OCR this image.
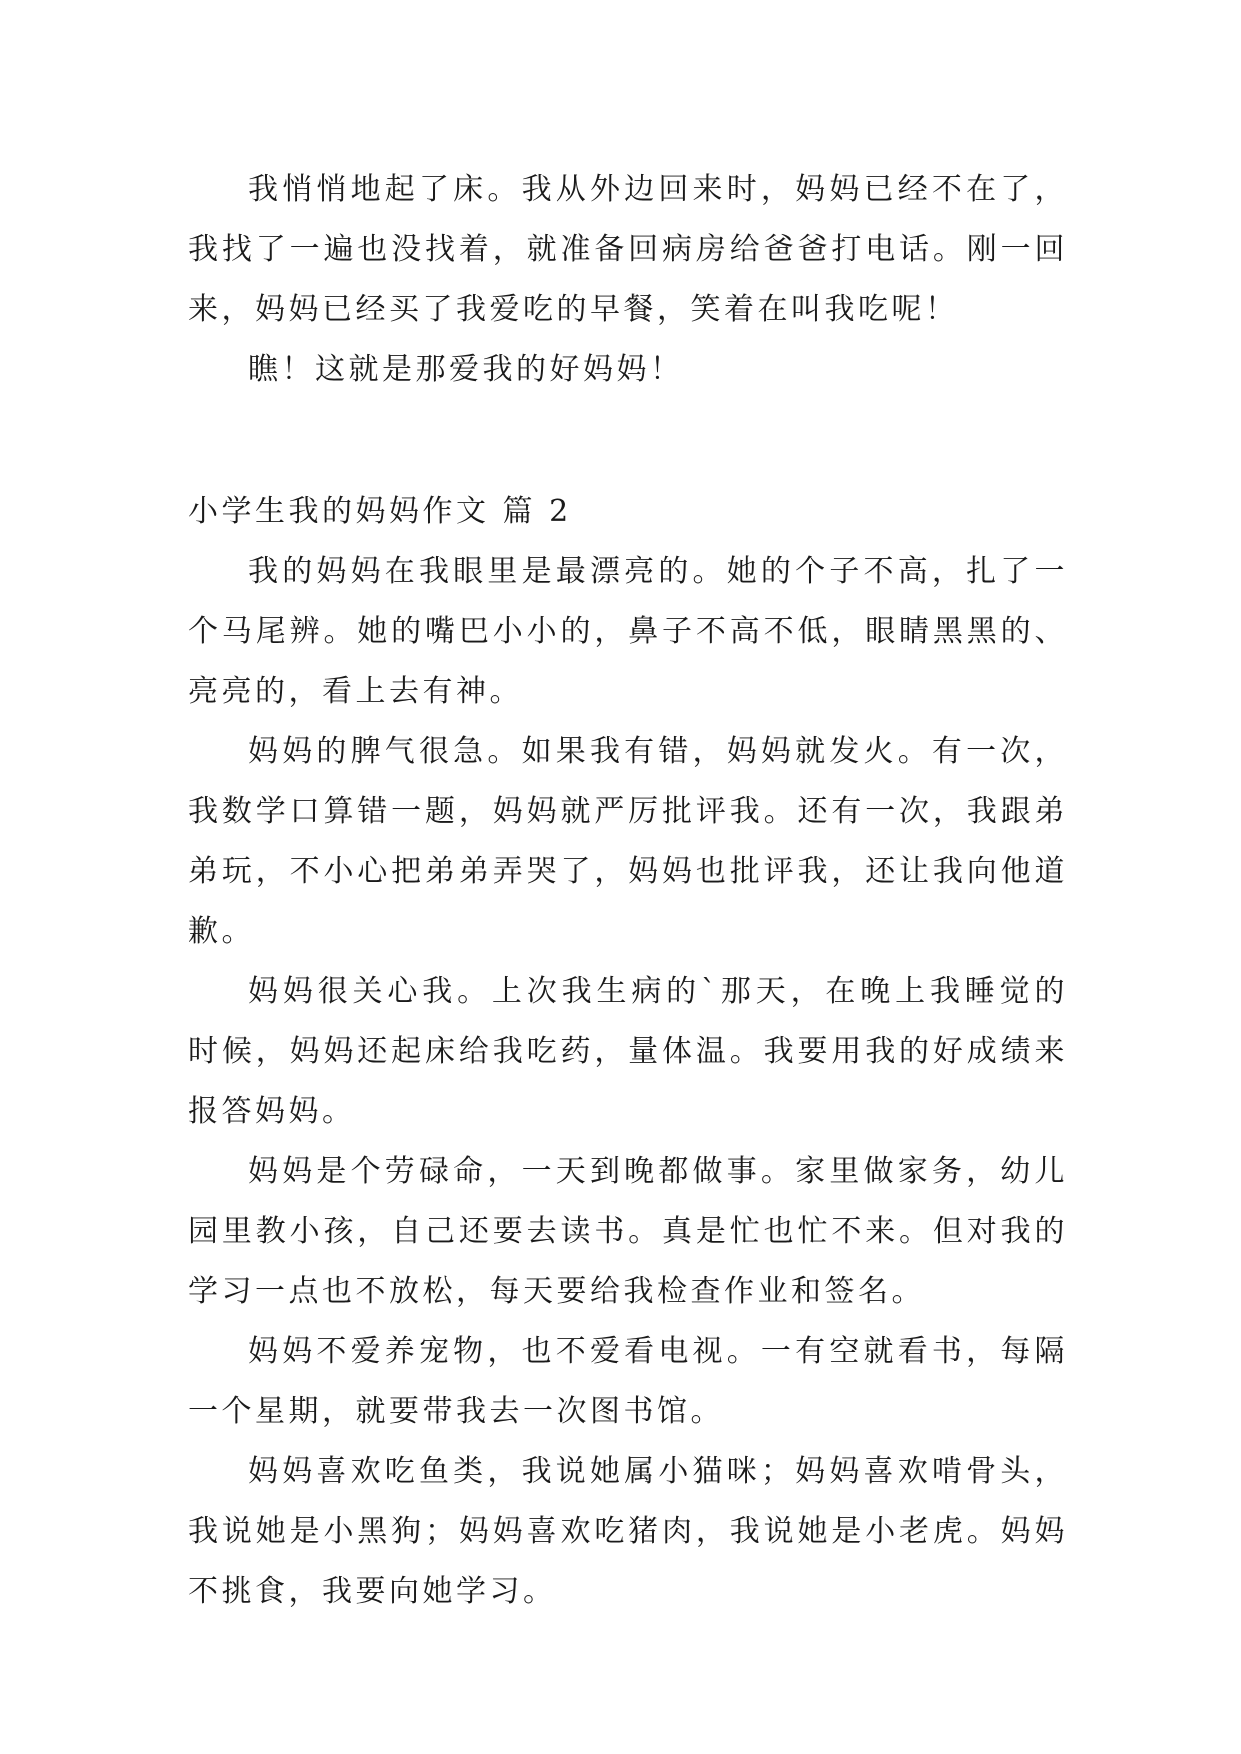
我悄悄地起了床。我从外边回来时，妈妈已经不在了，我找了一遍也没找着，就准备回病房给爸爸打电话。刚一回来，妈妈已经买了我爱吃的早餐，笑着在叫我吃呢！

瞧！这就是那爱我的好妈妈！

小学生我的妈妈作文 篇 2

我的妈妈在我眼里是最漂亮的。她的个子不高，扎了一个马尾辨。她的嘴巴小小的，鼻子不高不低，眼睛黑黑的、亮亮的，看上去有神。

妈妈的脾气很急。如果我有错，妈妈就发火。有一次，我数学口算错一题，妈妈就严厉批评我。还有一次，我跟弟弟玩，不小心把弟弟弄哭了，妈妈也批评我，还让我向他道歉。

妈妈很关心我。上次我生病的`那天，在晚上我睡觉的时候，妈妈还起床给我吃药，量体温。我要用我的好成绩来报答妈妈。

妈妈是个劳碌命，一天到晚都做事。家里做家务，幼儿园里教小孩，自己还要去读书。真是忙也忙不来。但对我的学习一点也不放松，每天要给我检查作业和签名。

妈妈不爱养宠物，也不爱看电视。一有空就看书，每隔一个星期，就要带我去一次图书馆。

妈妈喜欢吃鱼类，我说她属小猫咪；妈妈喜欢啃骨头，我说她是小黑狗；妈妈喜欢吃猪肉，我说她是小老虎。妈妈不挑食，我要向她学习。
